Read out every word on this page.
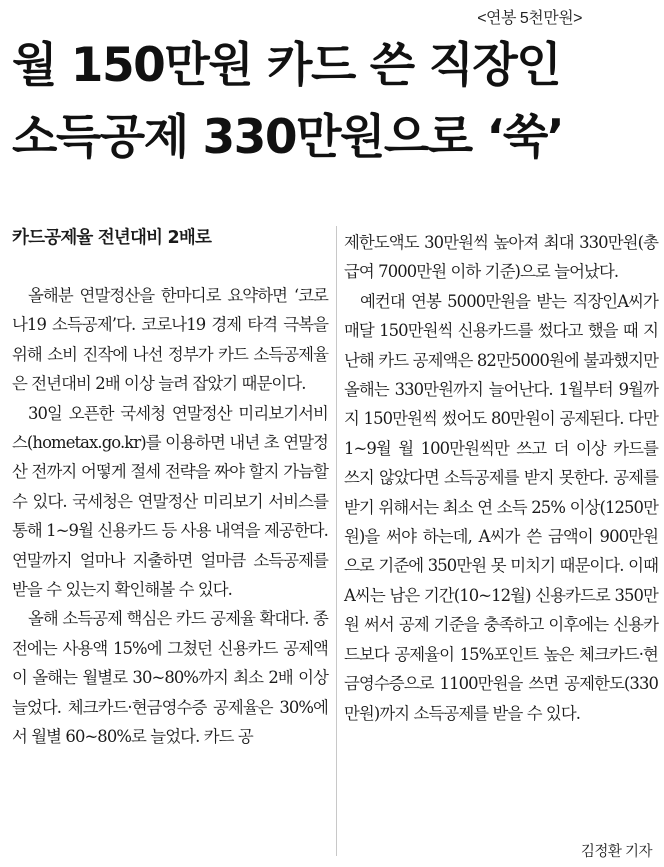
<연봉 5천만원>
월 150만원 카드 쓴 직장인
소득공제 330만원으로 ‘쑥’
카드공제율 전년대비 2배로

올해분 연말정산을 한마디로 요약하면 ‘코로나19 소득공제’다. 코로나19 경제 타격 극복을 위해 소비 진작에 나선 정부가 카드 소득공제율은 전년대비 2배 이상 늘려 잡았기 때문이다.

30일 오픈한 국세청 연말정산 미리보기서비스(hometax.go.kr)를 이용하면 내년 초 연말정산 전까지 어떻게 절세 전략을 짜야 할지 가늠할 수 있다. 국세청은 연말정산 미리보기 서비스를 통해 1~9월 신용카드 등 사용 내역을 제공한다. 연말까지 얼마나 지출하면 얼마큼 소득공제를 받을 수 있는지 확인해볼 수 있다.

올해 소득공제 핵심은 카드 공제율 확대다. 종전에는 사용액 15%에 그쳤던 신용카드 공제액이 올해는 월별로 30~80%까지 최소 2배 이상 늘었다. 체크카드·현금영수증 공제율은 30%에서 월별 60~80%로 늘었다. 카드 공

제한도액도 30만원씩 높아져 최대 330만원(총 급여 7000만원 이하 기준)으로 늘어났다.

예컨대 연봉 5000만원을 받는 직장인A씨가 매달 150만원씩 신용카드를 썼다고 했을 때 지난해 카드 공제액은 82만5000원에 불과했지만 올해는 330만원까지 늘어난다. 1월부터 9월까지 150만원씩 썼어도 80만원이 공제된다. 다만 1~9월 월 100만원씩만 쓰고 더 이상 카드를 쓰지 않았다면 소득공제를 받지 못한다. 공제를 받기 위해서는 최소 연 소득 25% 이상(1250만원)을 써야 하는데, A씨가 쓴 금액이 900만원으로 기준에 350만원 못 미치기 때문이다. 이때 A씨는 남은 기간(10~12월) 신용카드로 350만원 써서 공제 기준을 충족하고 이후에는 신용카드보다 공제율이 15%포인트 높은 체크카드·현금영수증으로 1100만원을 쓰면 공제한도(330만원)까지 소득공제를 받을 수 있다.

김정환 기자
